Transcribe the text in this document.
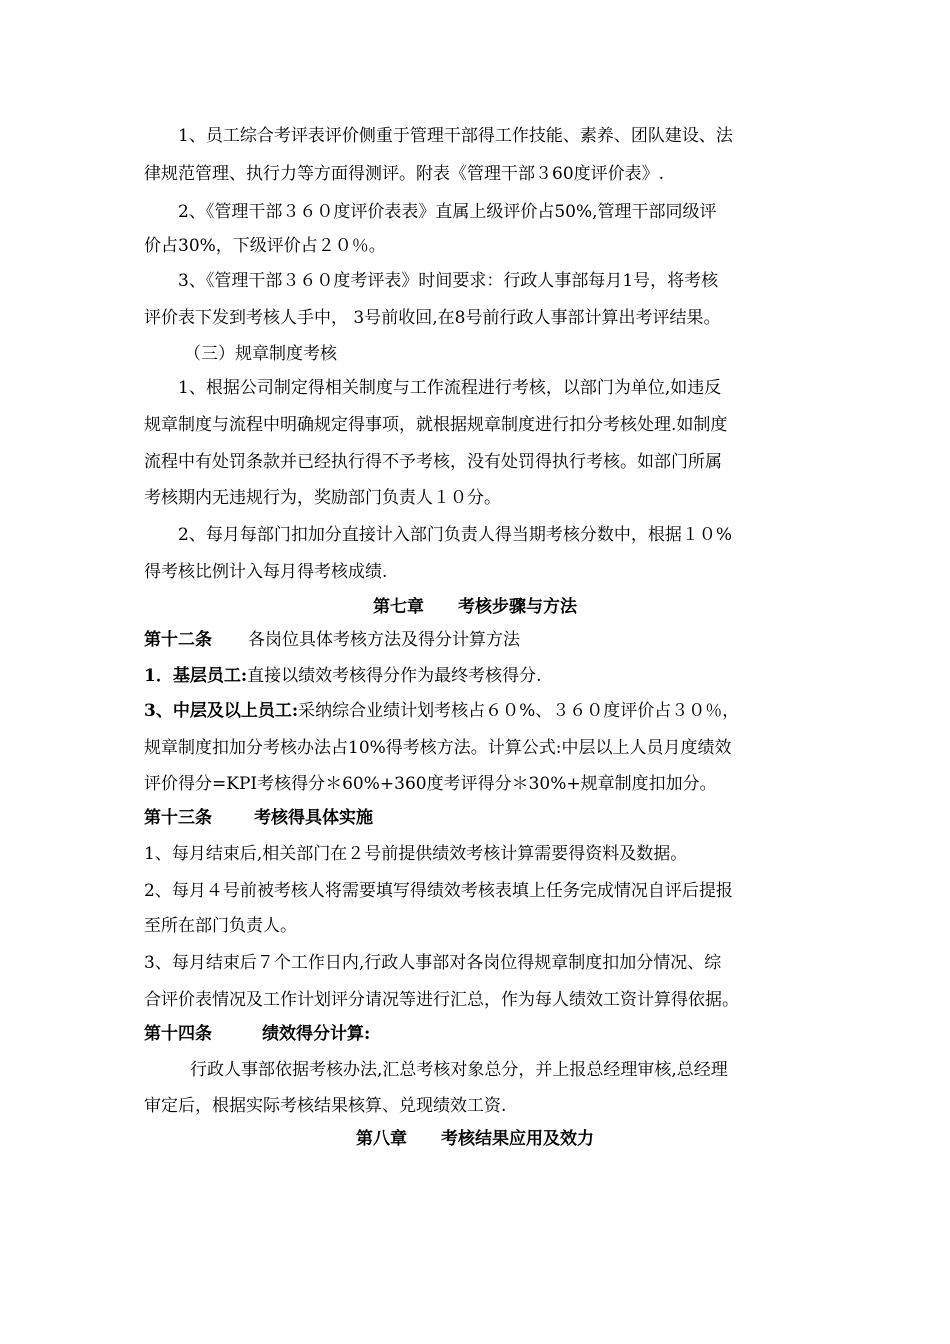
1、员工综合考评表评价侧重于管理干部得工作技能、素养、团队建设、法
律规范管理、执行力等方面得测评。附表《管理干部３60度评价表》.
2、《管理干部３６０度评价表表》直属上级评价占50%,管理干部同级评
价占30%，下级评价占２０％。
3、《管理干部３６０度考评表》时间要求：行政人事部每月1号，将考核
评价表下发到考核人手中， 3号前收回,在8号前行政人事部计算出考评结果。
（三）规章制度考核
1、根据公司制定得相关制度与工作流程进行考核，以部门为单位,如违反
规章制度与流程中明确规定得事项，就根据规章制度进行扣分考核处理.如制度
流程中有处罚条款并已经执行得不予考核，没有处罚得执行考核。如部门所属
考核期内无违规行为，奖励部门负责人１０分。
2、每月每部门扣加分直接计入部门负责人得当期考核分数中，根据１０%
得考核比例计入每月得考核成绩.
第七章　　考核步骤与方法
第十二条 各岗位具体考核方法及得分计算方法
1．基层员工:直接以绩效考核得分作为最终考核得分.
3、中层及以上员工:采纳综合业绩计划考核占６０%、３６０度评价占３０％，
规章制度扣加分考核办法占10%得考核方法。计算公式:中层以上人员月度绩效
评价得分=KPI考核得分＊60%+360度考评得分＊30%+规章制度扣加分。
第十三条 考核得具体实施
1、每月结束后,相关部门在２号前提供绩效考核计算需要得资料及数据。
2、每月４号前被考核人将需要填写得绩效考核表填上任务完成情况自评后提报
至所在部门负责人。
3、每月结束后７个工作日内,行政人事部对各岗位得规章制度扣加分情况、综
合评价表情况及工作计划评分请况等进行汇总，作为每人绩效工资计算得依据。
第十四条	绩效得分计算:
行政人事部依据考核办法,汇总考核对象总分，并上报总经理审核,总经理
审定后，根据实际考核结果核算、兑现绩效工资.
第八章　　考核结果应用及效力
